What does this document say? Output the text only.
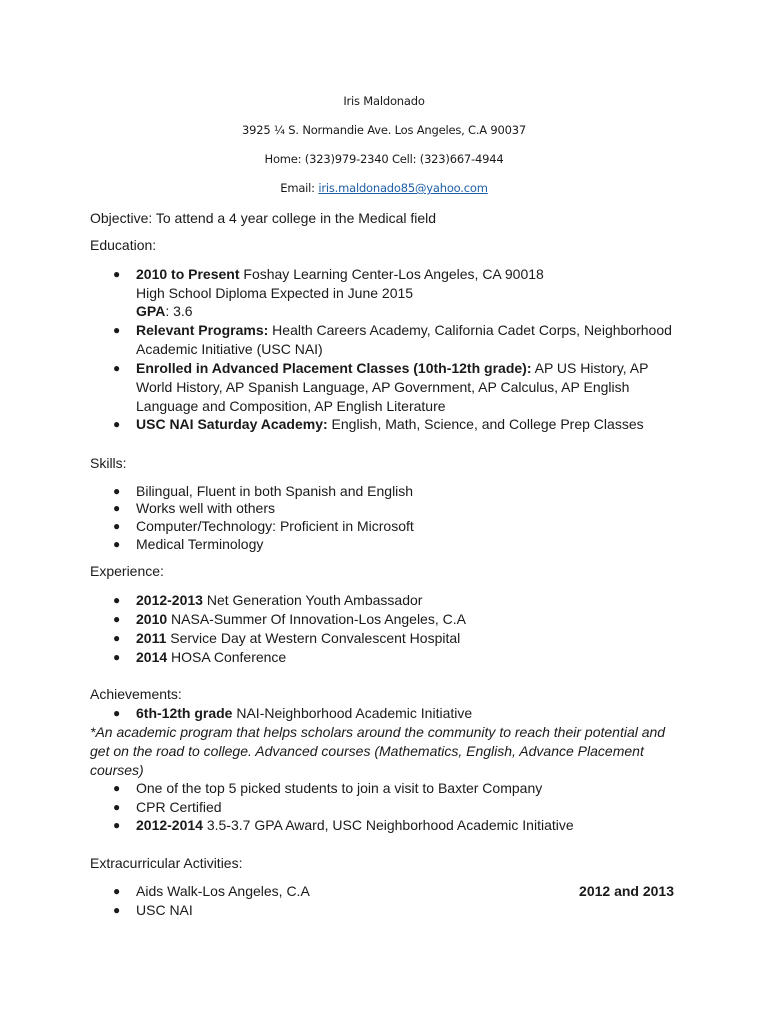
Iris Maldonado
3925 ¼ S. Normandie Ave. Los Angeles, C.A 90037
Home: (323)979-2340 Cell: (323)667-4944
Email: iris.maldonado85@yahoo.com
Objective: To attend a 4 year college in the Medical field
Education:
● 2010 to Present Foshay Learning Center-Los Angeles, CA 90018
High School Diploma Expected in June 2015
GPA: 3.6
● Relevant Programs: Health Careers Academy, California Cadet Corps, Neighborhood
Academic Initiative (USC NAI)
● Enrolled in Advanced Placement Classes (10th-12th grade): AP US History, AP
World History, AP Spanish Language, AP Government, AP Calculus, AP English
Language and Composition, AP English Literature
● USC NAI Saturday Academy: English, Math, Science, and College Prep Classes
Skills:
● Bilingual, Fluent in both Spanish and English
● Works well with others
● Computer/Technology: Proficient in Microsoft
● Medical Terminology
Experience:
● 2012-2013 Net Generation Youth Ambassador
● 2010 NASA-Summer Of Innovation-Los Angeles, C.A
● 2011 Service Day at Western Convalescent Hospital
● 2014 HOSA Conference
Achievements:
● 6th-12th grade NAI-Neighborhood Academic Initiative
*An academic program that helps scholars around the community to reach their potential and
get on the road to college. Advanced courses (Mathematics, English, Advance Placement
courses)
● One of the top 5 picked students to join a visit to Baxter Company
● CPR Certified
● 2012-2014 3.5-3.7 GPA Award, USC Neighborhood Academic Initiative
Extracurricular Activities:
● Aids Walk-Los Angeles, C.A	2012 and 2013
● USC NAI
